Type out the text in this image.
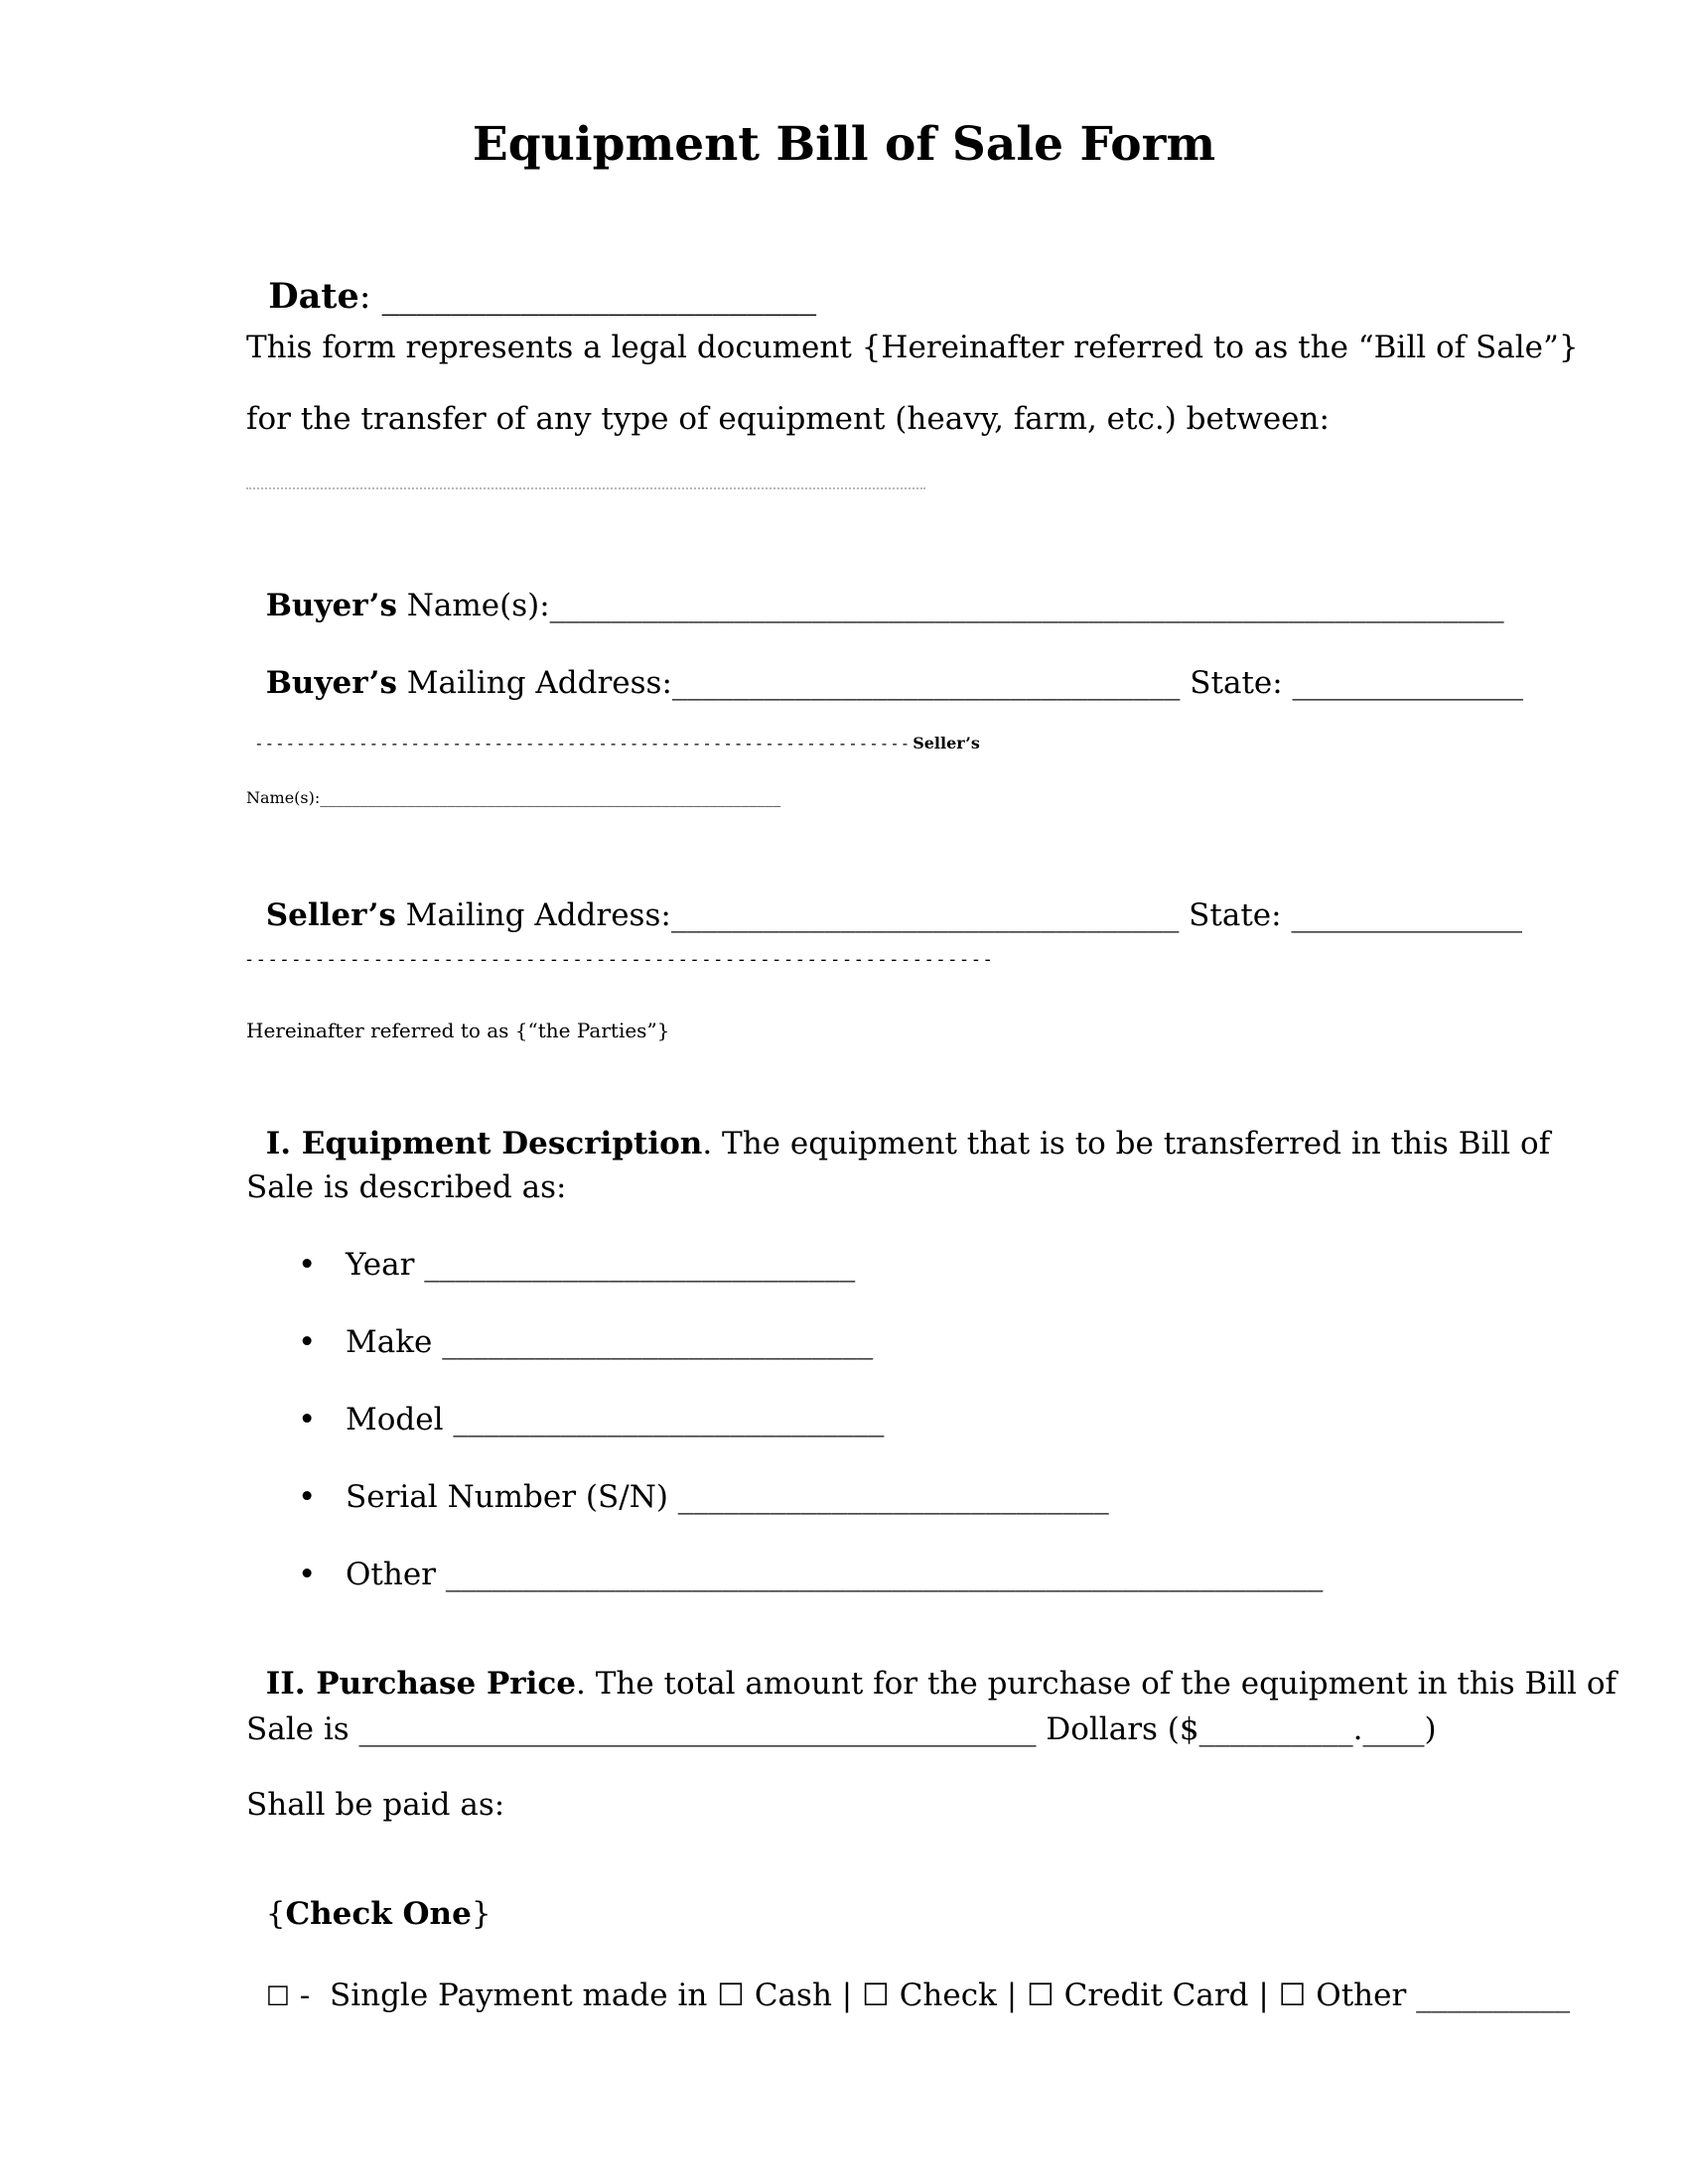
Equipment Bill of Sale Form

Date: _________________________

This form represents a legal document {Hereinafter referred to as the “Bill of Sale”}
for the transfer of any type of equipment (heavy, farm, etc.) between:

Buyer’s Name(s):______________________________________________________________

Buyer’s Mailing Address:_________________________________ State: _______________

- - - - - - - - - - - - - - - - - - - - - - - - - - - - - - - - - - - - - - - - - - - - - - - - - - - - - - - - - - - - - - - Seller’s

Name(s):__________________________________________________________

Seller’s Mailing Address:_________________________________ State: _______________

- - - - - - - - - - - - - - - - - - - - - - - - - - - - - - - - - - - - - - - - - - - - - - - - - - - - - - - - - - - - - - - -
Hereinafter referred to as {“the Parties”}

I. Equipment Description. The equipment that is to be transferred in this Bill of

Sale is described as:
• Year ____________________________
• Make ____________________________
• Model ____________________________
• Serial Number (S/N) ____________________________
• Other _________________________________________________________

II. Purchase Price. The total amount for the purchase of the equipment in this Bill of

Sale is ____________________________________________ Dollars ($__________.____)
Shall be paid as:

{Check One}

☐ -  Single Payment made in ☐ Cash | ☐ Check | ☐ Credit Card | ☐ Other __________
